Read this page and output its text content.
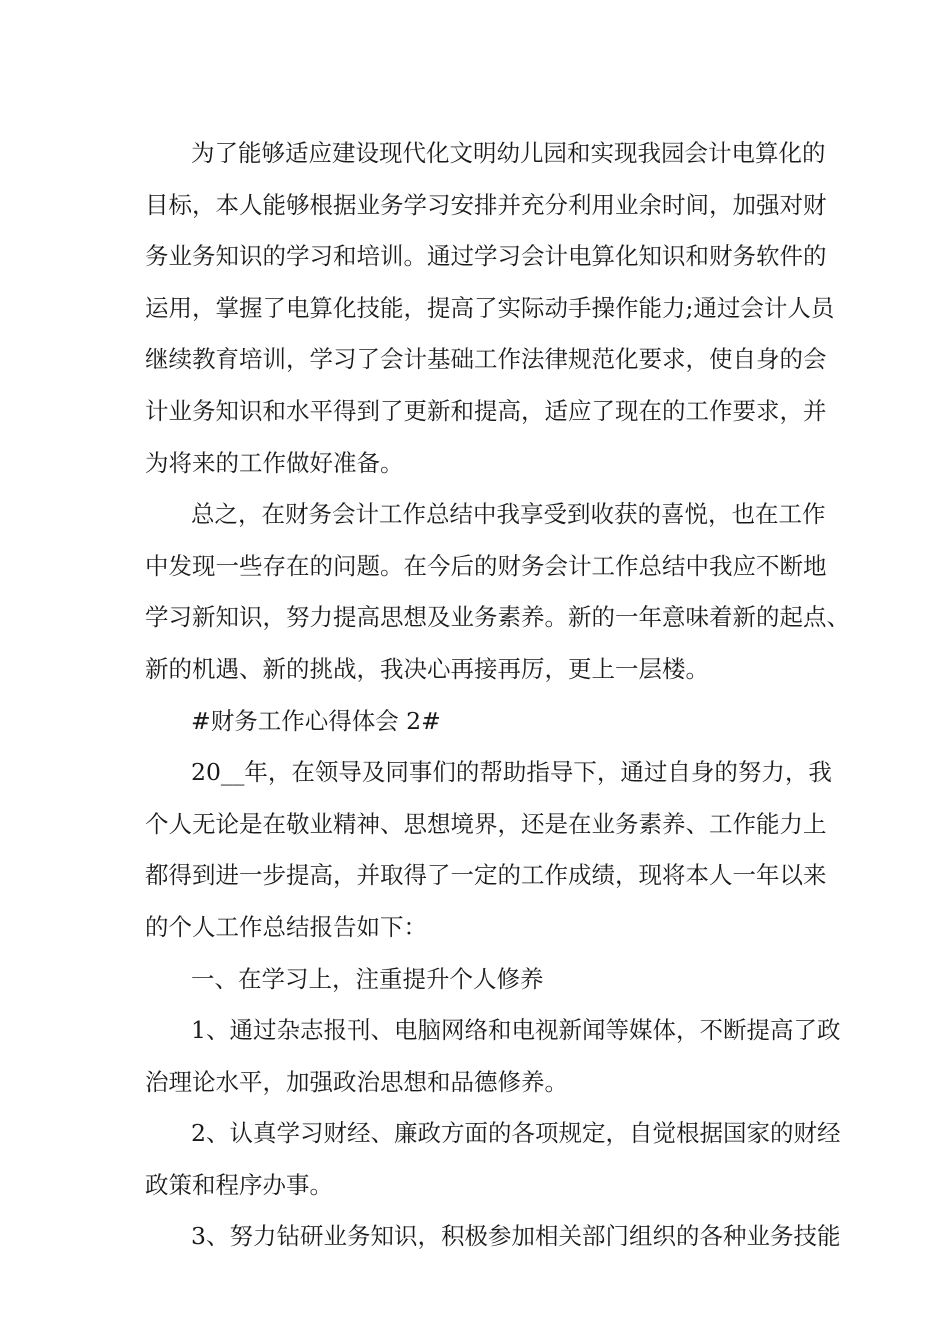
为了能够适应建设现代化文明幼儿园和实现我园会计电算化的
目标，本人能够根据业务学习安排并充分利用业余时间，加强对财
务业务知识的学习和培训。通过学习会计电算化知识和财务软件的
运用，掌握了电算化技能，提高了实际动手操作能力;通过会计人员
继续教育培训，学习了会计基础工作法律规范化要求，使自身的会
计业务知识和水平得到了更新和提高，适应了现在的工作要求，并
为将来的工作做好准备。
总之，在财务会计工作总结中我享受到收获的喜悦，也在工作
中发现一些存在的问题。在今后的财务会计工作总结中我应不断地
学习新知识，努力提高思想及业务素养。新的一年意味着新的起点、
新的机遇、新的挑战，我决心再接再厉，更上一层楼。
#财务工作心得体会 2#
20__年，在领导及同事们的帮助指导下，通过自身的努力，我
个人无论是在敬业精神、思想境界，还是在业务素养、工作能力上
都得到进一步提高，并取得了一定的工作成绩，现将本人一年以来
的个人工作总结报告如下：
一、在学习上，注重提升个人修养
1、通过杂志报刊、电脑网络和电视新闻等媒体，不断提高了政
治理论水平，加强政治思想和品德修养。
2、认真学习财经、廉政方面的各项规定，自觉根据国家的财经
政策和程序办事。
3、努力钻研业务知识，积极参加相关部门组织的各种业务技能
